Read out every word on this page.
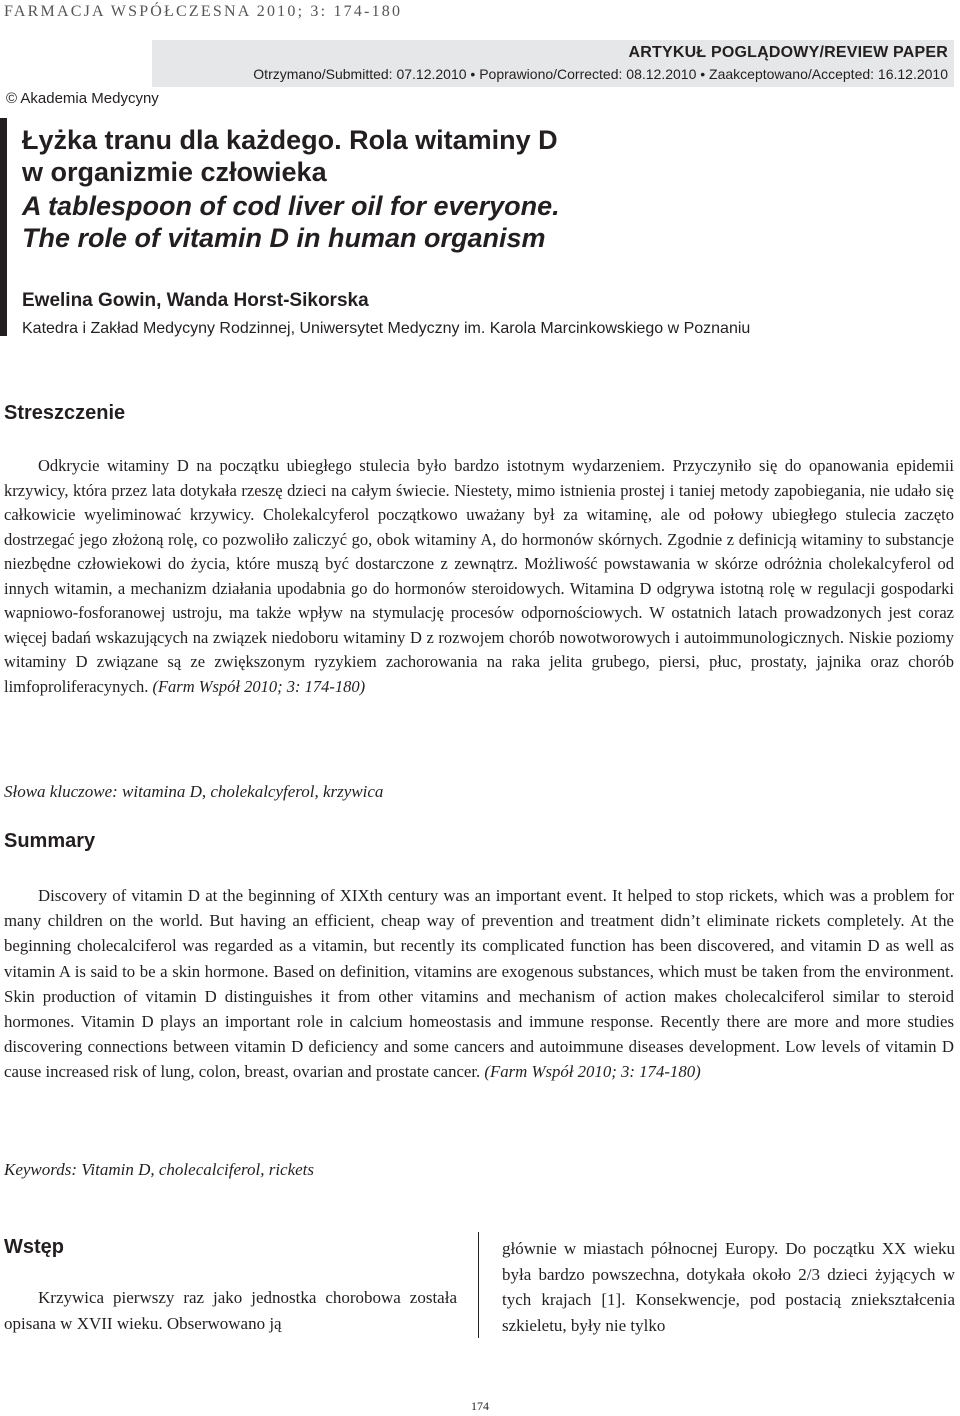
FARMACJA WSPÓŁCZESNA 2010; 3: 174-180
© Akademia Medycyny
ARTYKUŁ POGLĄDOWY/REVIEW PAPER
Otrzymano/Submitted: 07.12.2010 • Poprawiono/Corrected: 08.12.2010 • Zaakceptowano/Accepted: 16.12.2010
Łyżka tranu dla każdego. Rola witaminy D
w organizmie człowieka
A tablespoon of cod liver oil for everyone.
The role of vitamin D in human organism
Ewelina Gowin, Wanda Horst-Sikorska
Katedra i Zakład Medycyny Rodzinnej, Uniwersytet Medyczny im. Karola Marcinkowskiego w Poznaniu
Streszczenie

Odkrycie witaminy D na początku ubiegłego stulecia było bardzo istotnym wydarzeniem. Przyczyniło się do opanowania epidemii krzywicy, która przez lata dotykała rzeszę dzieci na całym świecie. Niestety, mimo istnienia prostej i taniej metody zapobiegania, nie udało się całkowicie wyeliminować krzywicy. Cholekalcyferol początkowo uważany był za witaminę, ale od połowy ubiegłego stulecia zaczęto dostrzegać jego złożoną rolę, co pozwoliło zaliczyć go, obok witaminy A, do hormonów skórnych. Zgodnie z definicją witaminy to substancje niezbędne człowiekowi do życia, które muszą być dostarczone z zewnątrz. Możliwość powstawania w skórze odróżnia cholekalcyferol od innych witamin, a mechanizm działania upodabnia go do hormonów steroidowych. Witamina D odgrywa istotną rolę w regulacji gospodarki wapniowo-fosforanowej ustroju, ma także wpływ na stymulację procesów odpornościowych. W ostatnich latach prowadzonych jest coraz więcej badań wskazujących na związek niedoboru witaminy D z rozwojem chorób nowotworowych i autoimmunologicznych. Niskie poziomy witaminy D związane są ze zwiększonym ryzykiem zachorowania na raka jelita grubego, piersi, płuc, prostaty, jajnika oraz chorób limfoproliferacynych. (Farm Współ 2010; 3: 174-180)

Słowa kluczowe: witamina D, cholekalcyferol, krzywica

Summary

Discovery of vitamin D at the beginning of XIXth century was an important event. It helped to stop rickets, which was a problem for many children on the world. But having an efficient, cheap way of prevention and treatment didn’t eliminate rickets completely. At the beginning cholecalciferol was regarded as a vitamin, but recently its complicated function has been discovered, and vitamin D as well as vitamin A is said to be a skin hormone. Based on definition, vitamins are exogenous substances, which must be taken from the environment. Skin production of vitamin D distinguishes it from other vitamins and mechanism of action makes cholecalciferol similar to steroid hormones. Vitamin D plays an important role in calcium homeostasis and immune response. Recently there are more and more studies discovering connections between vitamin D deficiency and some cancers and autoimmune diseases development. Low levels of vitamin D cause increased risk of lung, colon, breast, ovarian and prostate cancer. (Farm Współ 2010; 3: 174-180)

Keywords: Vitamin D, cholecalciferol, rickets

Wstęp

Krzywica pierwszy raz jako jednostka chorobowa została opisana w XVII wieku. Obserwowano ją

głównie w miastach północnej Europy. Do początku XX wieku była bardzo powszechna, dotykała około 2/3 dzieci żyjących w tych krajach [1]. Konsekwencje, pod postacią zniekształcenia szkieletu, były nie tylko

174
